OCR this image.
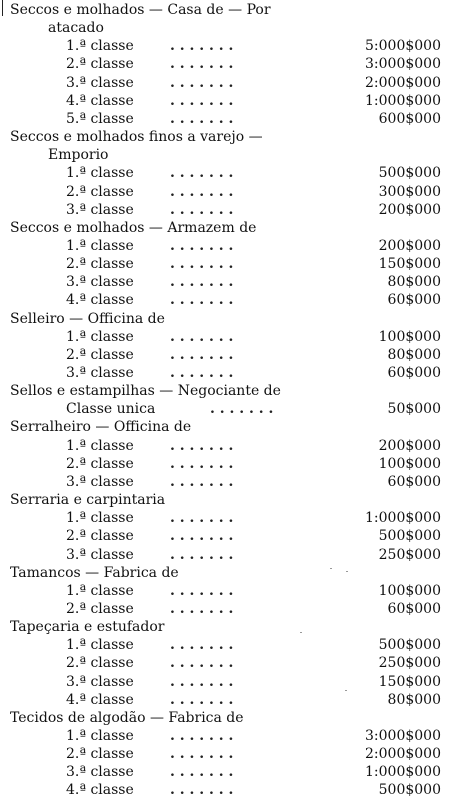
Seccos e molhados — Casa de — Por
atacado
1.ª classe	. . . . . . .	5:000$000
2.ª classe	. . . . . . .	3:000$000
3.ª classe	. . . . . . .	2:000$000
4.ª classe	. . . . . . .	1:000$000
5.ª classe	. . . . . . .	600$000
Seccos e molhados finos a varejo —
Emporio
1.ª classe	. . . . . . .	500$000
2.ª classe	. . . . . . .	300$000
3.ª classe	. . . . . . .	200$000
Seccos e molhados — Armazem de
1.ª classe	. . . . . . .	200$000
2.ª classe	. . . . . . .	150$000
3.ª classe	. . . . . . .	80$000
4.ª classe	. . . . . . .	60$000
Selleiro — Officina de
1.ª classe	. . . . . . .	100$000
2.ª classe	. . . . . . .	80$000
3.ª classe	. . . . . . .	60$000
Sellos e estampilhas — Negociante de
Classe unica	. . . . . . .	50$000
Serralheiro — Officina de
1.ª classe	. . . . . . .	200$000
2.ª classe	. . . . . . .	100$000
3.ª classe	. . . . . . .	60$000
Serraria e carpintaria
1.ª classe	. . . . . . .	1:000$000
2.ª classe	. . . . . . .	500$000
3.ª classe	. . . . . . .	250$000
Tamancos — Fabrica de
1.ª classe	. . . . . . .	100$000
2.ª classe	. . . . . . .	60$000
Tapeçaria e estufador
1.ª classe	. . . . . . .	500$000
2.ª classe	. . . . . . .	250$000
3.ª classe	. . . . . . .	150$000
4.ª classe	. . . . . . .	80$000
Tecidos de algodão — Fabrica de
1.ª classe	. . . . . . .	3:000$000
2.ª classe	. . . . . . .	2:000$000
3.ª classe	. . . . . . .	1:000$000
4.ª classe	. . . . . . .	500$000
